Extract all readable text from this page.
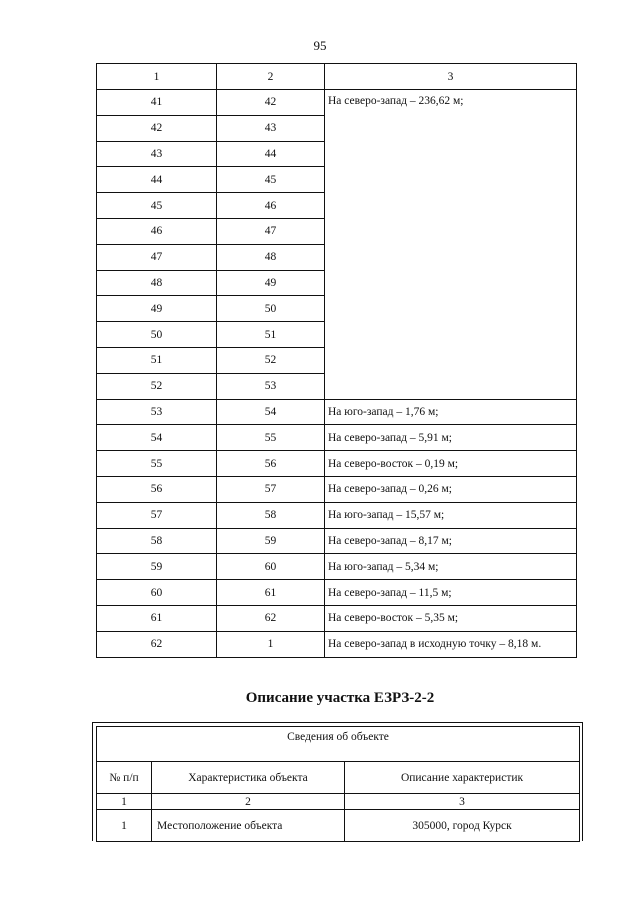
95
1	2	3
41	42	На северо-запад – 236,62 м;
42	43	
43	44	
44	45	
45	46	
46	47	
47	48	
48	49	
49	50	
50	51	
51	52	
52	53	
53	54	На юго-запад – 1,76 м;
54	55	На северо-запад – 5,91 м;
55	56	На северо-восток – 0,19 м;
56	57	На северо-запад – 0,26 м;
57	58	На юго-запад – 15,57 м;
58	59	На северо-запад – 8,17 м;
59	60	На юго-запад – 5,34 м;
60	61	На северо-запад – 11,5 м;
61	62	На северо-восток – 5,35 м;
62	1	На северо-запад в исходную точку – 8,18 м.
Описание участка ЕЗРЗ-2-2
Сведения об объекте		
№ п/п	Характеристика объекта	Описание характеристик
1	2	3
1	Местоположение объекта	305000, город Курск
